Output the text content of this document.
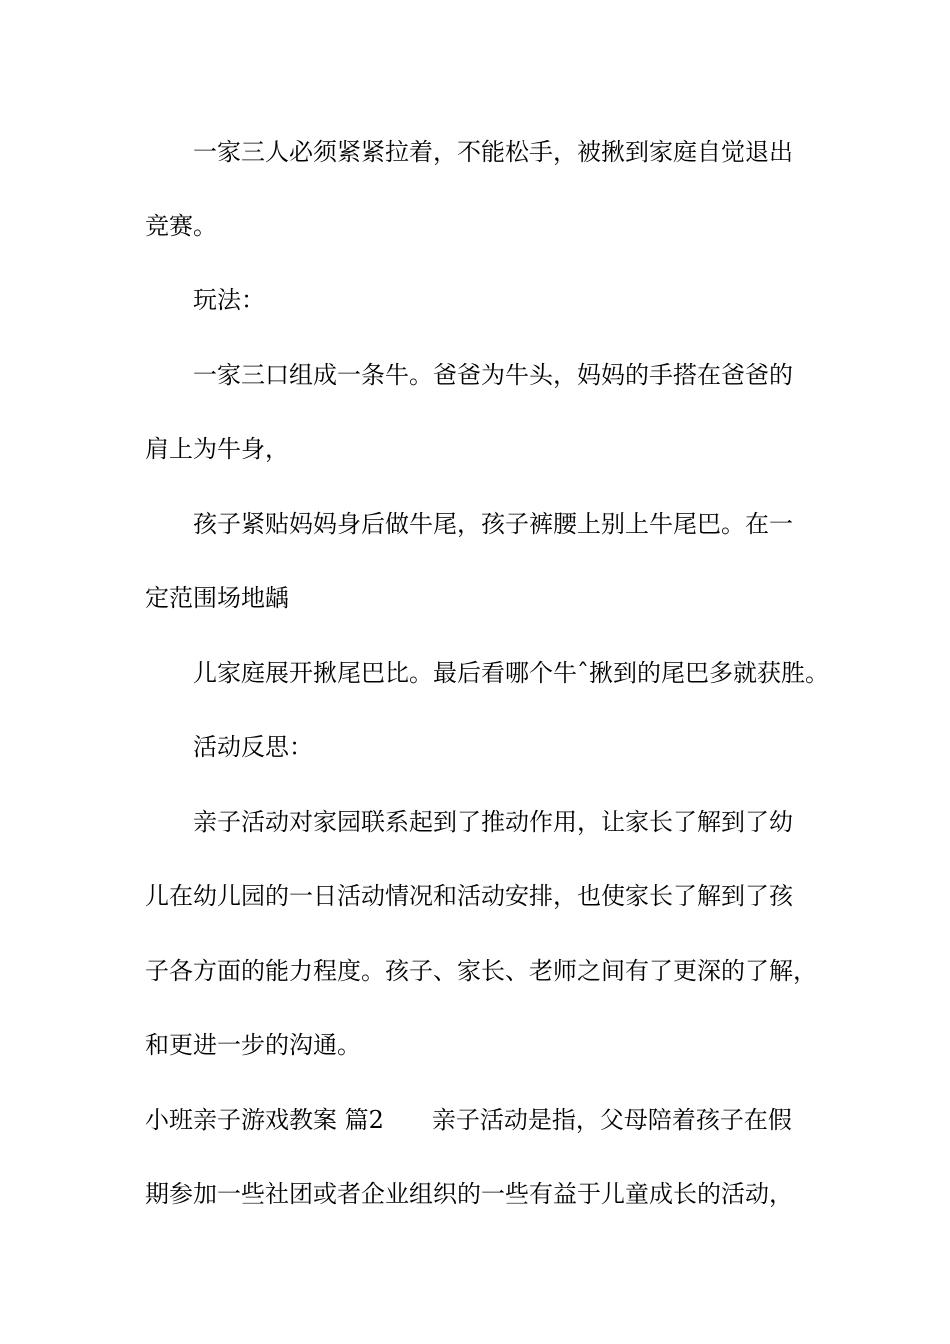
一家三人必须紧紧拉着，不能松手，被揪到家庭自觉退出

竞赛。

玩法：

一家三口组成一条牛。爸爸为牛头，妈妈的手搭在爸爸的

肩上为牛身，

孩子紧贴妈妈身后做牛尾，孩子裤腰上别上牛尾巴。在一

定范围场地龋

儿家庭展开揪尾巴比。最后看哪个牛ˆ揪到的尾巴多就获胜。

活动反思：

亲子活动对家园联系起到了推动作用，让家长了解到了幼

儿在幼儿园的一日活动情况和活动安排，也使家长了解到了孩

子各方面的能力程度。孩子、家长、老师之间有了更深的了解，

和更进一步的沟通。

小班亲子游戏教案 篇2 亲子活动是指，父母陪着孩子在假

期参加一些社团或者企业组织的一些有益于儿童成长的活动，
